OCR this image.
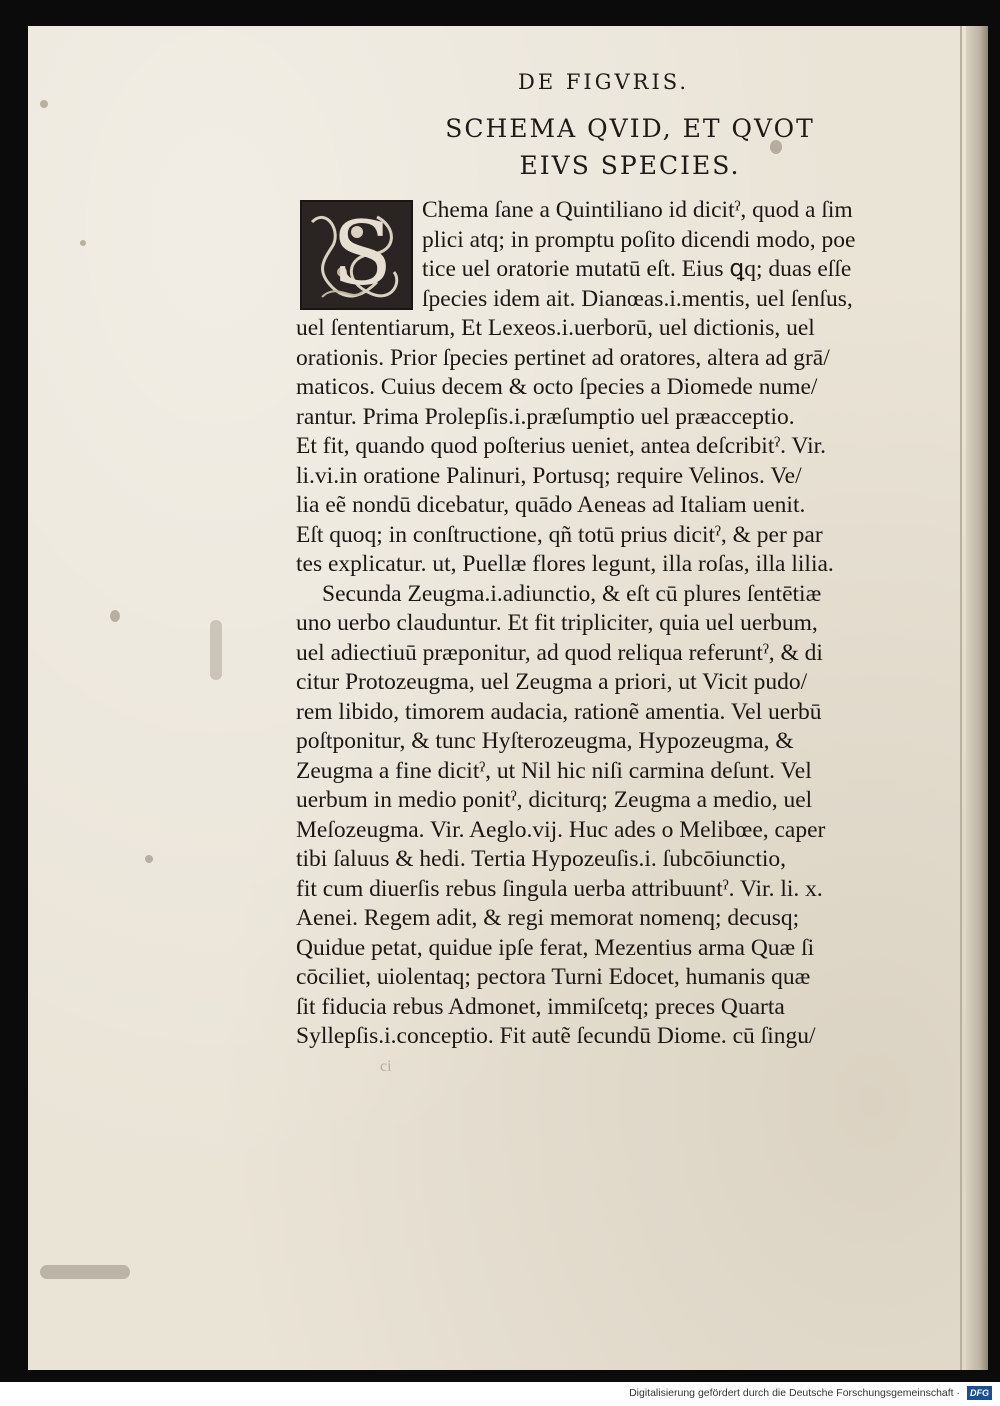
DE FIGVRIS.
SCHEMA QVID, ET QVOT
EIVS SPECIES.
S	Chema ſane a Quintiliano id dicitˀ, quod a ſim
plici atq; in promptu poſito dicendi modo, poe
tice uel oratorie mutatū eſt. Eius ꝗq; duas eſſe
ſpecies idem ait. Dianœas.i.mentis, uel ſenſus,
uel ſententiarum, Et Lexeos.i.uerborū, uel dictionis, uel
orationis. Prior ſpecies pertinet ad oratores, altera ad grā/
maticos. Cuius decem & octo ſpecies a Diomede nume/
rantur. Prima Prolepſis.i.præſumptio uel præacceptio.
Et fit, quando quod poſterius ueniet, antea deſcribitˀ. Vir.
li.vi.in oratione Palinuri, Portusq; require Velinos. Ve/
lia eẽ nondū dicebatur, quādo Aeneas ad Italiam uenit.
Eſt quoq; in conſtructione, qñ totū prius dicitˀ, & per par
tes explicatur. ut, Puellæ flores legunt, illa roſas, illa lilia.
Secunda Zeugma.i.adiunctio, & eſt cū plures ſentētiæ
uno uerbo clauduntur. Et fit tripliciter, quia uel uerbum,
uel adiectiuū præponitur, ad quod reliqua referuntˀ, & di
citur Protozeugma, uel Zeugma a priori, ut Vicit pudo/
rem libido, timorem audacia, rationẽ amentia. Vel uerbū
poſtponitur, & tunc Hyſterozeugma, Hypozeugma, &
Zeugma a fine dicitˀ, ut Nil hic niſi carmina deſunt. Vel
uerbum in medio ponitˀ, diciturq; Zeugma a medio, uel
Meſozeugma. Vir. Aeglo.vij. Huc ades o Melibœe, caper
tibi ſaluus & hedi. Tertia Hypozeuſis.i. ſubcōiunctio,
fit cum diuerſis rebus ſingula uerba attribuuntˀ. Vir. li. x.
Aenei. Regem adit, & regi memorat nomenq; decusq;
Quidue petat, quidue ipſe ferat, Mezentius arma Quæ ſi
cōciliet, uiolentaq; pectora Turni Edocet, humanis quæ
ſit fiducia rebus Admonet, immiſcetq; preces Quarta
Syllepſis.i.conceptio. Fit autẽ ſecundū Diome. cū ſingu/
ci
Digitalisierung gefördert durch die Deutsche Forschungsgemeinschaft ·	DFG
